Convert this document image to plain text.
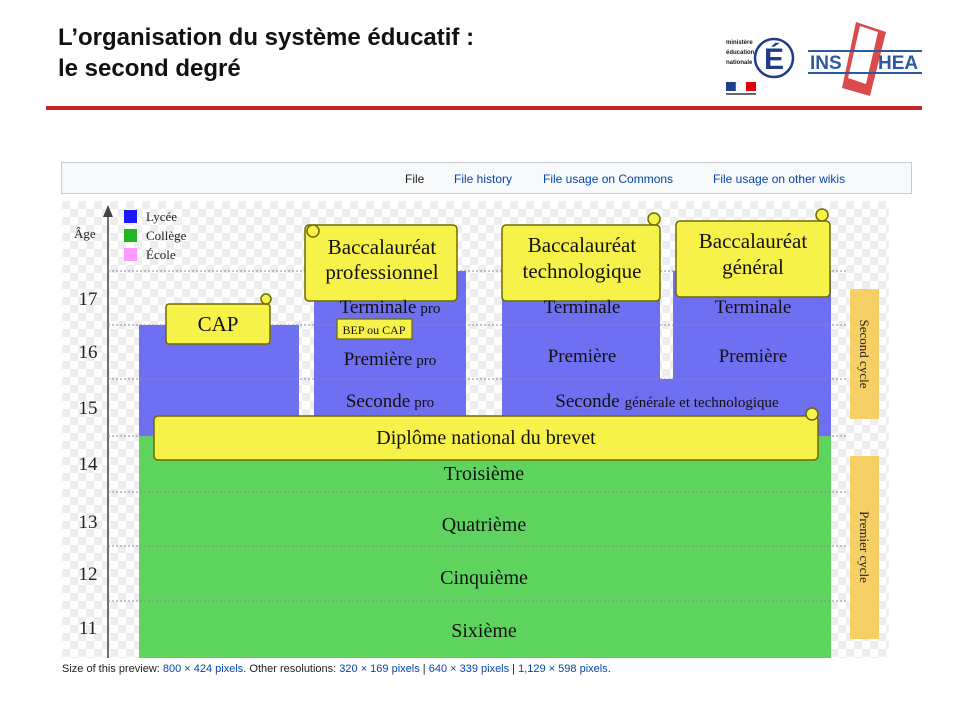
L’organisation du système éducatif :
le second degré
ministère
éducation
nationale É INS HEA
File File history	File usage on Commons	File usage on other wikis
Âge
Lycée
Collège
École
17
16
15
14
13
12
11
Baccalauréat
professionnel
Baccalauréat
technologique
Baccalauréat
général
CAP
Terminale pro
BEP ou CAP
Première pro
Seconde pro
Terminale
Première
Terminale
Première
Seconde générale et technologique
Diplôme national du brevet
Troisième
Quatrième
Cinquième
Sixième
Second cycle
Premier cycle
Size of this preview: 800 × 424 pixels. Other resolutions: 320 × 169 pixels | 640 × 339 pixels | 1,129 × 598 pixels.
